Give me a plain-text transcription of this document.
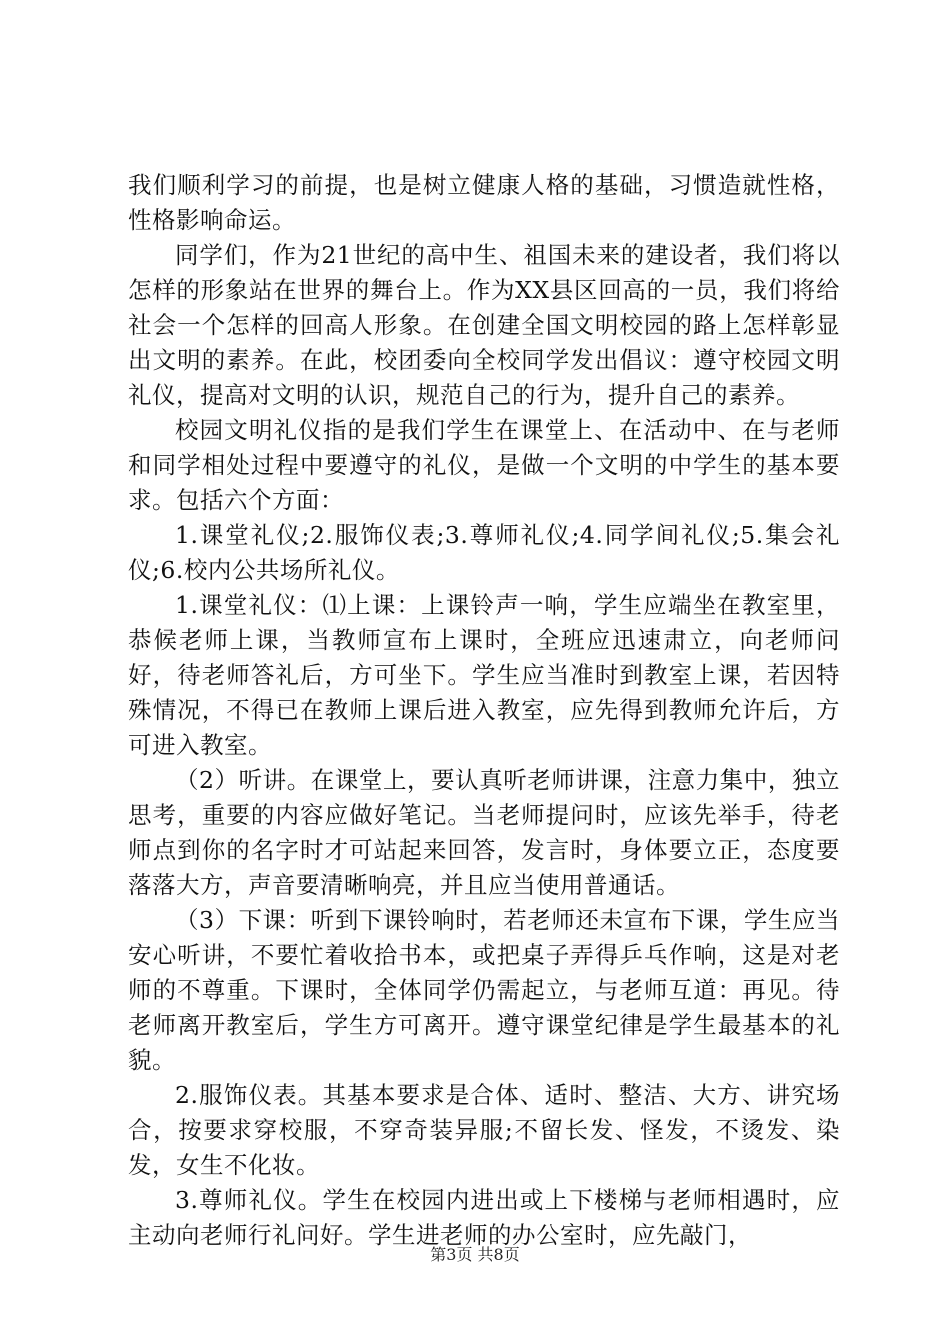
我们顺利学习的前提，也是树立健康人格的基础，习惯造就性格，性格影响命运。

同学们，作为21世纪的高中生、祖国未来的建设者，我们将以怎样的形象站在世界的舞台上。作为XX县区回高的一员，我们将给社会一个怎样的回高人形象。在创建全国文明校园的路上怎样彰显出文明的素养。在此，校团委向全校同学发出倡议：遵守校园文明礼仪，提高对文明的认识，规范自己的行为，提升自己的素养。

校园文明礼仪指的是我们学生在课堂上、在活动中、在与老师和同学相处过程中要遵守的礼仪，是做一个文明的中学生的基本要求。包括六个方面：

1.课堂礼仪;2.服饰仪表;3.尊师礼仪;4.同学间礼仪;5.集会礼仪;6.校内公共场所礼仪。

1.课堂礼仪：⑴上课：上课铃声一响，学生应端坐在教室里，恭候老师上课，当教师宣布上课时，全班应迅速肃立，向老师问好，待老师答礼后，方可坐下。学生应当准时到教室上课，若因特殊情况，不得已在教师上课后进入教室，应先得到教师允许后，方可进入教室。

（2）听讲。在课堂上，要认真听老师讲课，注意力集中，独立思考，重要的内容应做好笔记。当老师提问时，应该先举手，待老师点到你的名字时才可站起来回答，发言时，身体要立正，态度要落落大方，声音要清晰响亮，并且应当使用普通话。

（3）下课：听到下课铃响时，若老师还未宣布下课，学生应当安心听讲，不要忙着收拾书本，或把桌子弄得乒乓作响，这是对老师的不尊重。下课时，全体同学仍需起立，与老师互道：再见。待老师离开教室后，学生方可离开。遵守课堂纪律是学生最基本的礼貌。

2.服饰仪表。其基本要求是合体、适时、整洁、大方、讲究场合，按要求穿校服，不穿奇装异服;不留长发、怪发，不烫发、染发，女生不化妆。

3.尊师礼仪。学生在校园内进出或上下楼梯与老师相遇时，应主动向老师行礼问好。学生进老师的办公室时，应先敲门，

第3页 共8页
